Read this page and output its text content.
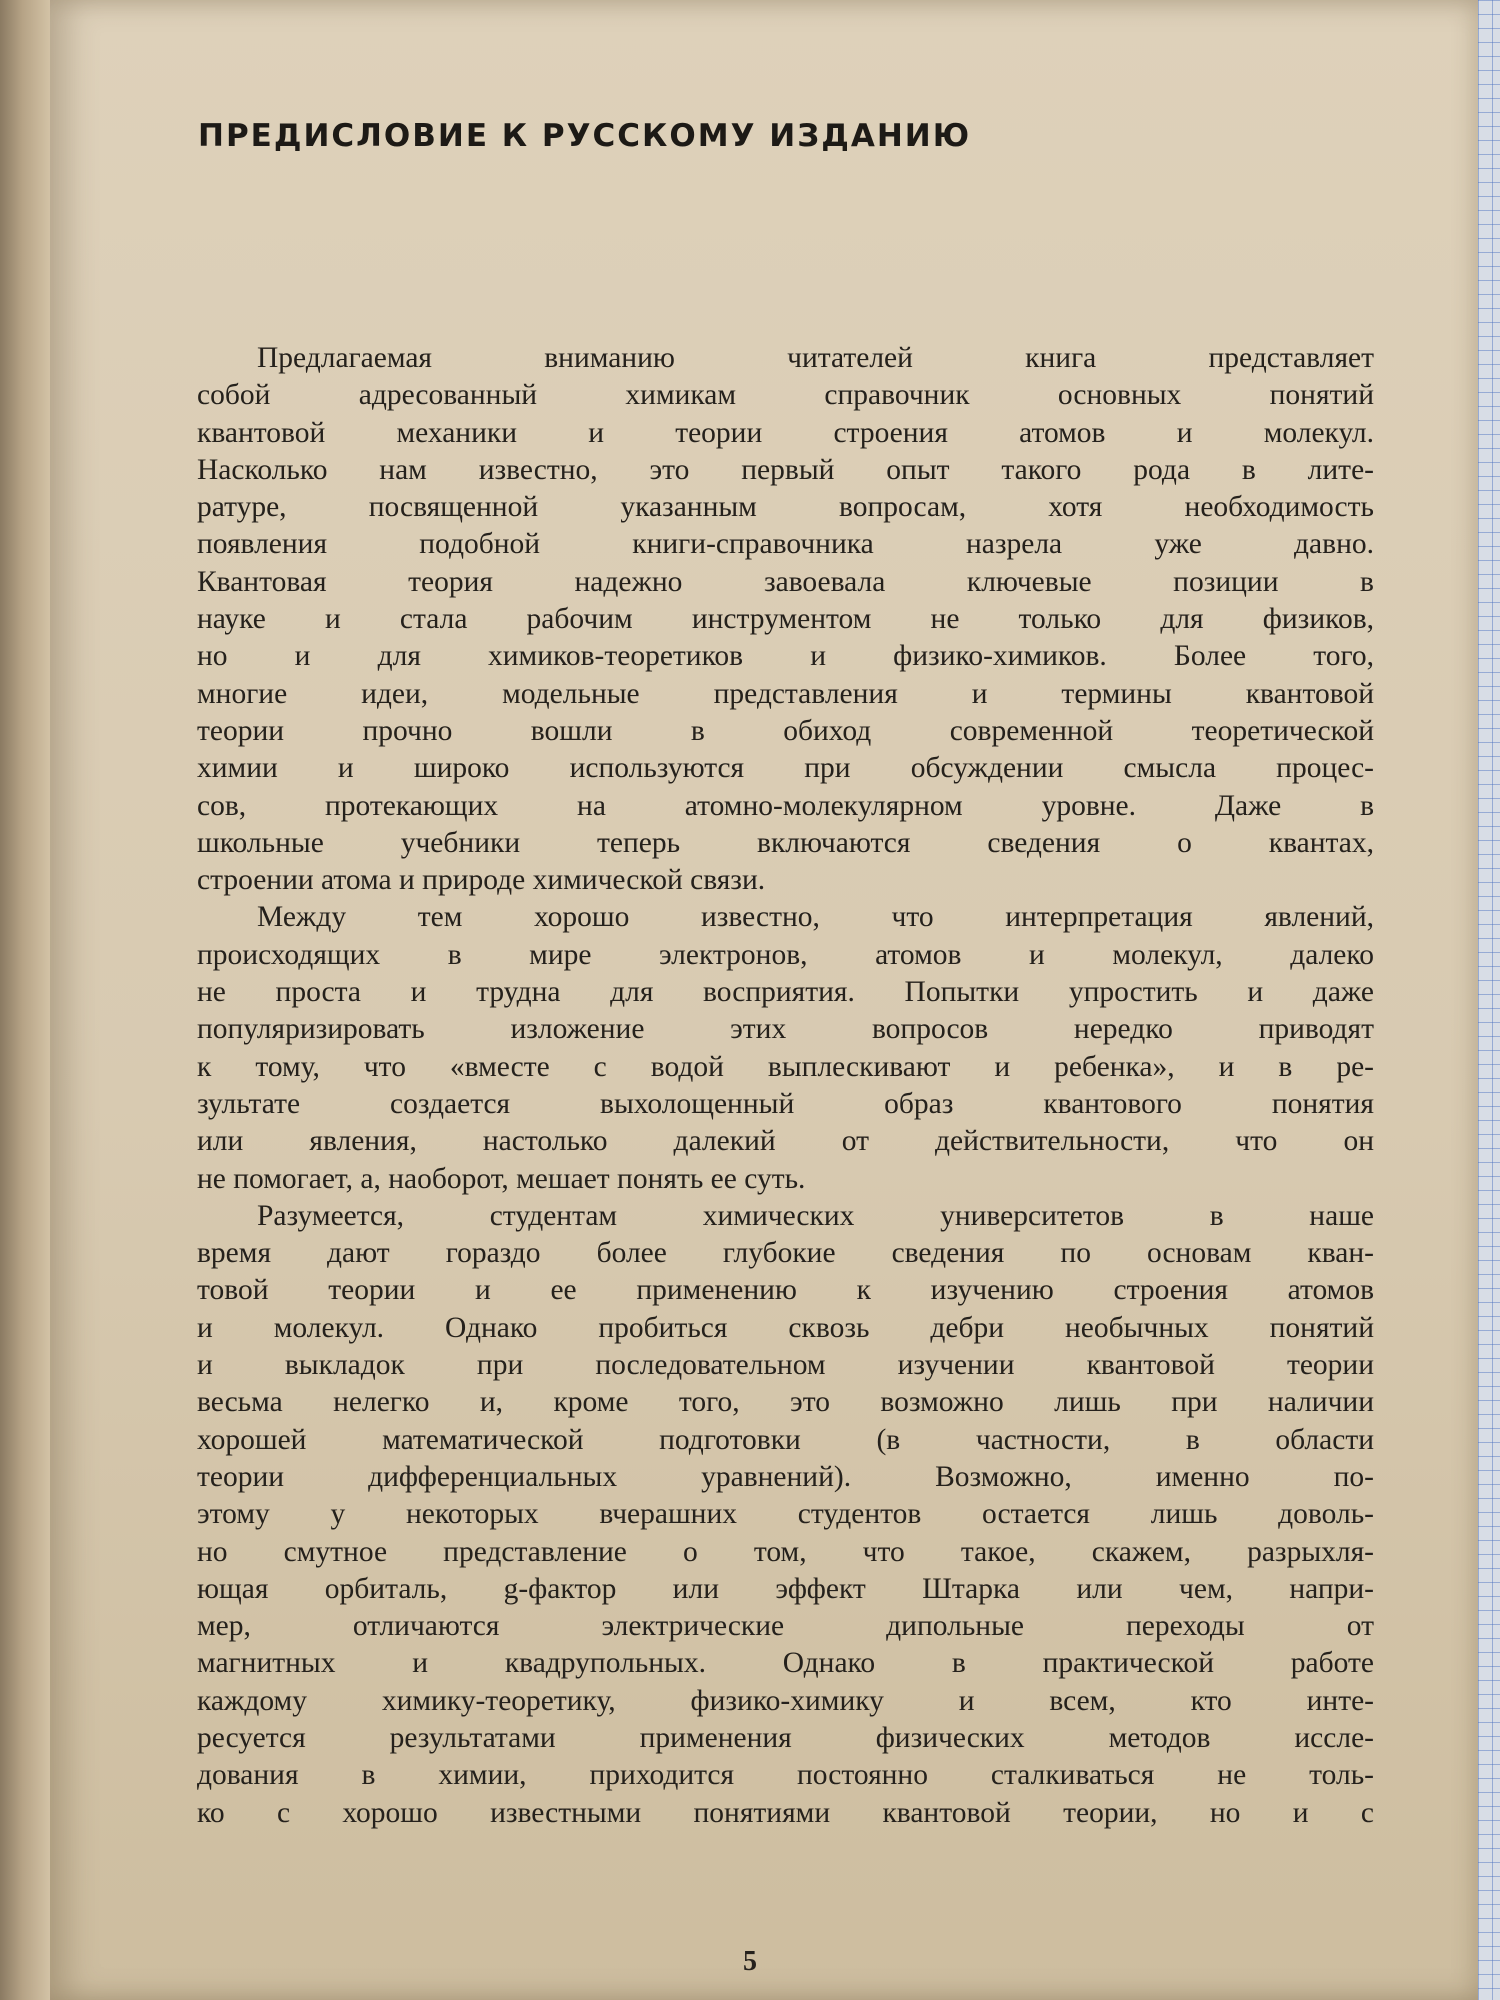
ПРЕДИСЛОВИЕ К РУССКОМУ ИЗДАНИЮ
Предлагаемая вниманию читателей книга представляет
собой адресованный химикам справочник основных понятий
квантовой механики и теории строения атомов и молекул.
Насколько нам известно, это первый опыт такого рода в лите-
ратуре, посвященной указанным вопросам, хотя необходимость
появления подобной книги-справочника назрела уже давно.
Квантовая теория надежно завоевала ключевые позиции в
науке и стала рабочим инструментом не только для физиков,
но и для химиков-теоретиков и физико-химиков. Более того,
многие идеи, модельные представления и термины квантовой
теории прочно вошли в обиход современной теоретической
химии и широко используются при обсуждении смысла процес-
сов, протекающих на атомно-молекулярном уровне. Даже в
школьные учебники теперь включаются сведения о квантах,
строении атома и природе химической связи.
Между тем хорошо известно, что интерпретация явлений,
происходящих в мире электронов, атомов и молекул, далеко
не проста и трудна для восприятия. Попытки упростить и даже
популяризировать изложение этих вопросов нередко приводят
к тому, что «вместе с водой выплескивают и ребенка», и в ре-
зультате создается выхолощенный образ квантового понятия
или явления, настолько далекий от действительности, что он
не помогает, а, наоборот, мешает понять ее суть.
Разумеется, студентам химических университетов в наше
время дают гораздо более глубокие сведения по основам кван-
товой теории и ее применению к изучению строения атомов
и молекул. Однако пробиться сквозь дебри необычных понятий
и выкладок при последовательном изучении квантовой теории
весьма нелегко и, кроме того, это возможно лишь при наличии
хорошей математической подготовки (в частности, в области
теории дифференциальных уравнений). Возможно, именно по-
этому у некоторых вчерашних студентов остается лишь доволь-
но смутное представление о том, что такое, скажем, разрыхля-
ющая орбиталь, g-фактор или эффект Штарка или чем, напри-
мер, отличаются электрические дипольные переходы от
магнитных и квадрупольных. Однако в практической работе
каждому химику-теоретику, физико-химику и всем, кто инте-
ресуется результатами применения физических методов иссле-
дования в химии, приходится постоянно сталкиваться не толь-
ко с хорошо известными понятиями квантовой теории, но и с
5
